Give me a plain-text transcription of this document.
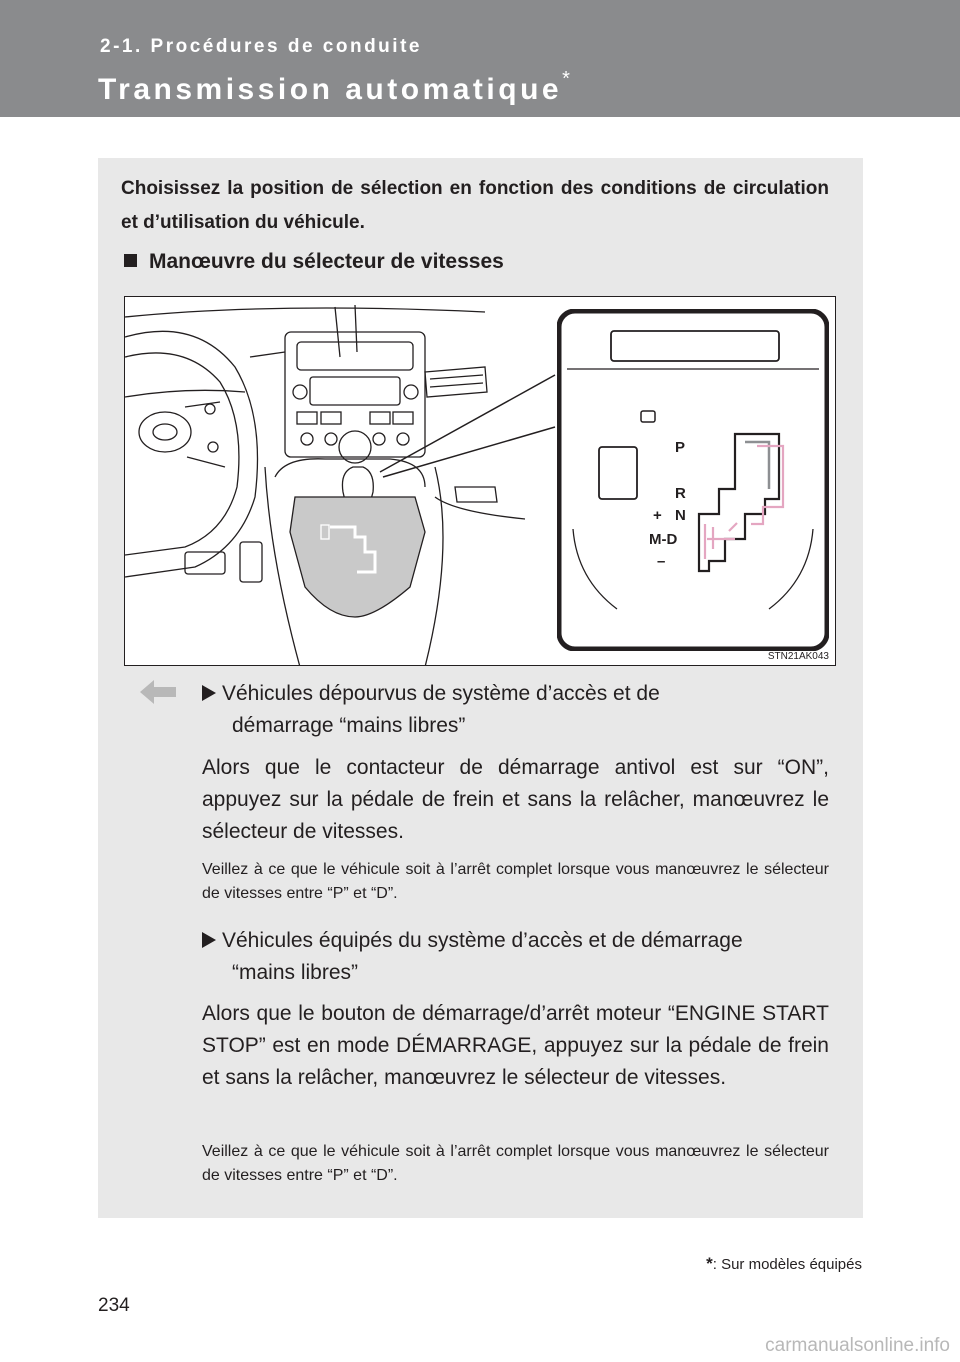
2-1. Procédures de conduite
Transmission automatique*
Choisissez la position de sélection en fonction des conditions de circulation et d’utilisation du véhicule.
Manœuvre du sélecteur de vitesses
P
R
+ N
M-D
–
STN21AK043
Véhicules dépourvus de système d’accès et de
démarrage “mains libres”
Alors que le contacteur de démarrage antivol est sur “ON”, appuyez sur la pédale de frein et sans la relâcher, manœuvrez le sélecteur de vitesses.
Veillez à ce que le véhicule soit à l’arrêt complet lorsque vous manœuvrez le sélecteur de vitesses entre “P” et “D”.
Véhicules équipés du système d’accès et de démarrage
“mains libres”
Alors que le bouton de démarrage/d’arrêt moteur “ENGINE START STOP” est en mode DÉMARRAGE, appuyez sur la pédale de frein et sans la relâcher, manœuvrez le sélecteur de vitesses.
Veillez à ce que le véhicule soit à l’arrêt complet lorsque vous manœuvrez le sélecteur de vitesses entre “P” et “D”.
*: Sur modèles équipés
234
carmanualsonline.info
